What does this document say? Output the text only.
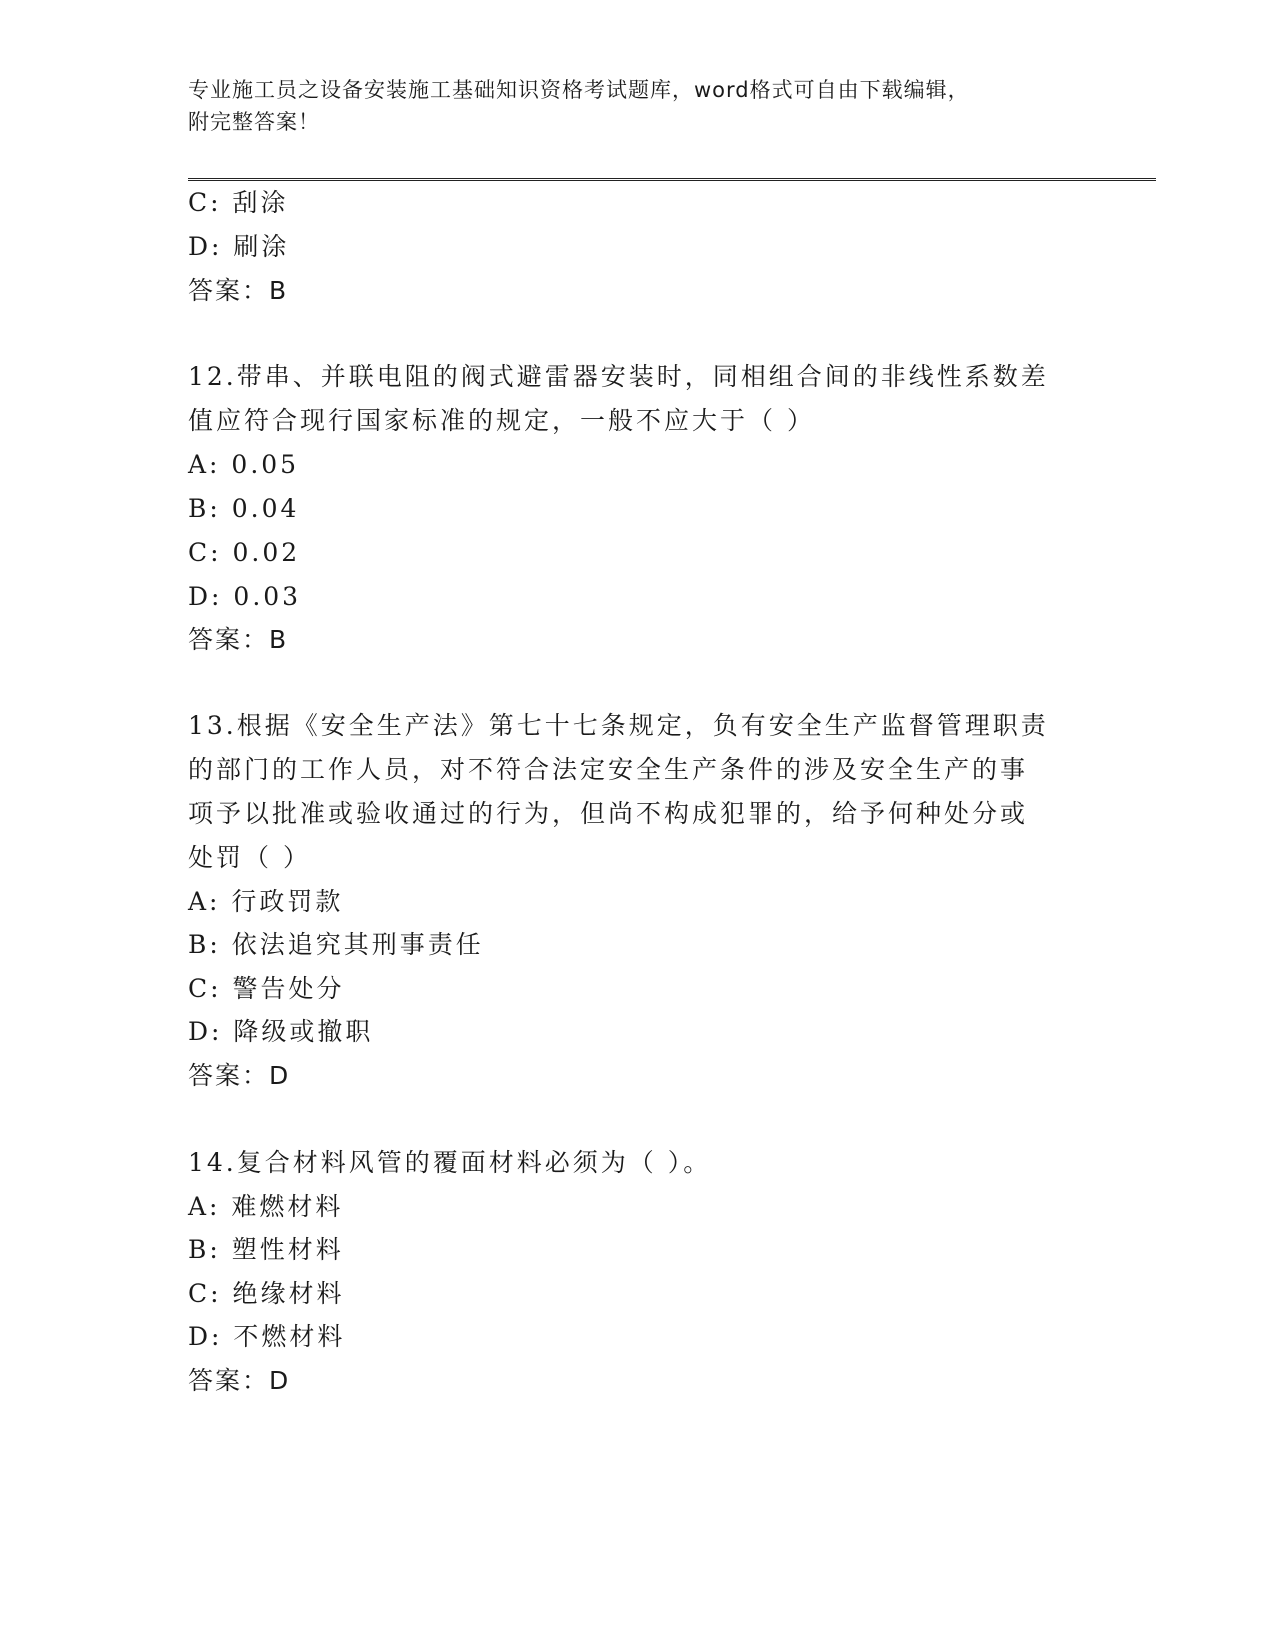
专业施工员之设备安装施工基础知识资格考试题库，word格式可自由下载编辑，
附完整答案！
C: 刮涂
D: 刷涂
答案：B
12.带串、并联电阻的阀式避雷器安装时，同相组合间的非线性系数差
值应符合现行国家标准的规定，一般不应大于（ ）
A: 0.05
B: 0.04
C: 0.02
D: 0.03
答案：B
13.根据《安全生产法》第七十七条规定，负有安全生产监督管理职责
的部门的工作人员，对不符合法定安全生产条件的涉及安全生产的事
项予以批准或验收通过的行为，但尚不构成犯罪的，给予何种处分或
处罚（ ）
A: 行政罚款
B: 依法追究其刑事责任
C: 警告处分
D: 降级或撤职
答案：D
14.复合材料风管的覆面材料必须为（ ）。
A: 难燃材料
B: 塑性材料
C: 绝缘材料
D: 不燃材料
答案：D
